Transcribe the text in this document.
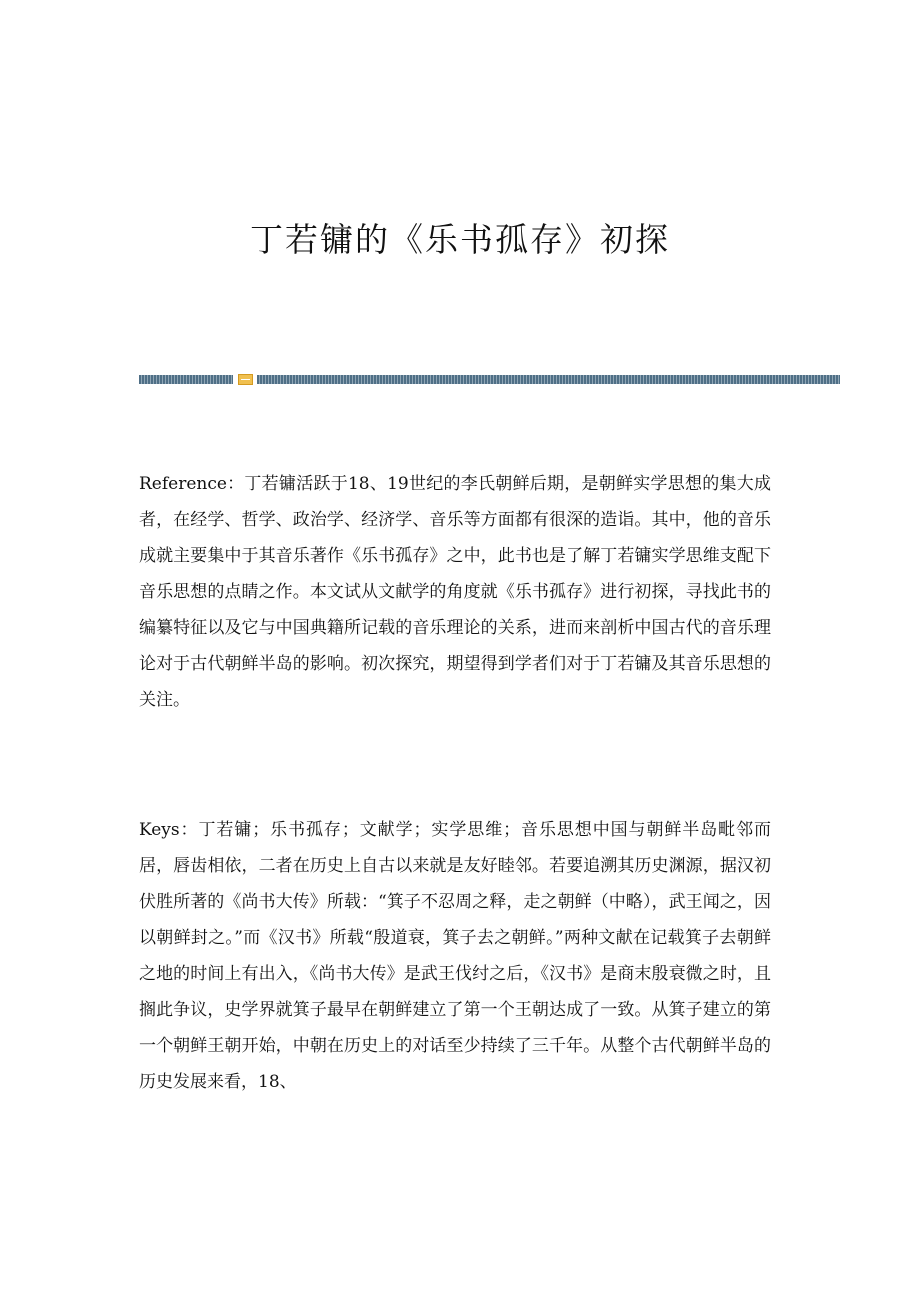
丁若镛的《乐书孤存》初探

Reference：丁若镛活跃于18、19世纪的李氏朝鲜后期，是朝鲜实学思想的集大成者，在经学、哲学、政治学、经济学、音乐等方面都有很深的造诣。其中，他的音乐成就主要集中于其音乐著作《乐书孤存》之中，此书也是了解丁若镛实学思维支配下音乐思想的点睛之作。本文试从文献学的角度就《乐书孤存》进行初探，寻找此书的编纂特征以及它与中国典籍所记载的音乐理论的关系，进而来剖析中国古代的音乐理论对于古代朝鲜半岛的影响。初次探究，期望得到学者们对于丁若镛及其音乐思想的关注。

Keys：丁若镛；乐书孤存；文献学；实学思维；音乐思想中国与朝鲜半岛毗邻而居，唇齿相依，二者在历史上自古以来就是友好睦邻。若要追溯其历史渊源，据汉初伏胜所著的《尚书大传》所载：“箕子不忍周之释，走之朝鲜（中略），武王闻之，因以朝鲜封之。”而《汉书》所载“殷道衰，箕子去之朝鲜。”两种文献在记载箕子去朝鲜之地的时间上有出入，《尚书大传》是武王伐纣之后，《汉书》是商末殷衰微之时，且搁此争议，史学界就箕子最早在朝鲜建立了第一个王朝达成了一致。从箕子建立的第一个朝鲜王朝开始，中朝在历史上的对话至少持续了三千年。从整个古代朝鲜半岛的历史发展来看，18、
